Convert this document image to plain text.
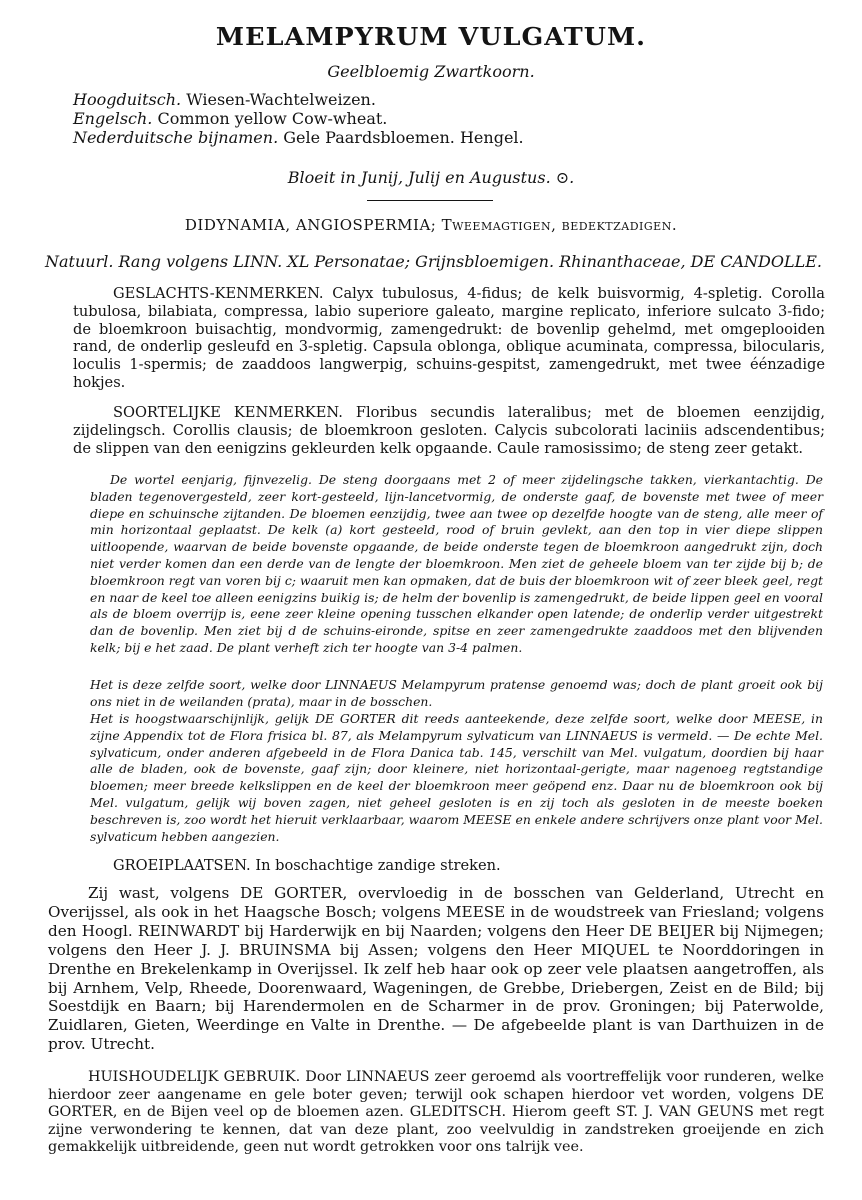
MELAMPYRUM VULGATUM.
Geelbloemig Zwartkoorn.
Hoogduitsch. Wiesen-Wachtelweizen.
Engelsch. Common yellow Cow-wheat.
Nederduitsche bijnamen. Gele Paardsbloemen. Hengel.
Bloeit in Junij, Julij en Augustus. ⊙.
DIDYNAMIA, ANGIOSPERMIA; Tweemagtigen, bedektzadigen.
Natuurl. Rang volgens LINN. XL Personatae; Grijnsbloemigen. Rhinanthaceae, DE CANDOLLE.

GESLACHTS-KENMERKEN. Calyx tubulosus, 4-fidus; de kelk buisvormig, 4-spletig. Corolla tubulosa, bilabiata, compressa, labio superiore galeato, margine replicato, inferiore sulcato 3-fido; de bloemkroon buisachtig, mondvormig, zamengedrukt: de bovenlip gehelmd, met omgeplooiden rand, de onderlip gesleufd en 3-spletig. Capsula oblonga, oblique acuminata, compressa, bilocularis, loculis 1-spermis; de zaaddoos langwerpig, schuins-gespitst, zamengedrukt, met twee éénzadige hokjes.

SOORTELIJKE KENMERKEN. Floribus secundis lateralibus; met de bloemen eenzijdig, zijdelingsch. Corollis clausis; de bloemkroon gesloten. Calycis subcolorati laciniis adscendentibus; de slippen van den eenigzins gekleurden kelk opgaande. Caule ramosissimo; de steng zeer getakt.

De wortel eenjarig, fijnvezelig. De steng doorgaans met 2 of meer zijdelingsche takken, vierkantachtig. De bladen tegenovergesteld, zeer kort-gesteeld, lijn-lancetvormig, de onderste gaaf, de bovenste met twee of meer diepe en schuinsche zijtanden. De bloemen eenzijdig, twee aan twee op dezelfde hoogte van de steng, alle meer of min horizontaal geplaatst. De kelk (a) kort gesteeld, rood of bruin gevlekt, aan den top in vier diepe slippen uitloopende, waarvan de beide bovenste opgaande, de beide onderste tegen de bloemkroon aangedrukt zijn, doch niet verder komen dan een derde van de lengte der bloemkroon. Men ziet de geheele bloem van ter zijde bij b; de bloemkroon regt van voren bij c; waaruit men kan opmaken, dat de buis der bloemkroon wit of zeer bleek geel, regt en naar de keel toe alleen eenigzins buikig is; de helm der bovenlip is zamengedrukt, de beide lippen geel en vooral als de bloem overrijp is, eene zeer kleine opening tusschen elkander open latende; de onderlip verder uitgestrekt dan de bovenlip. Men ziet bij d de schuins-eironde, spitse en zeer zamengedrukte zaaddoos met den blijvenden kelk; bij e het zaad. De plant verheft zich ter hoogte van 3-4 palmen.

Het is deze zelfde soort, welke door LINNAEUS Melampyrum pratense genoemd was; doch de plant groeit ook bij ons niet in de weilanden (prata), maar in de bosschen.

Het is hoogstwaarschijnlijk, gelijk DE GORTER dit reeds aanteekende, deze zelfde soort, welke door MEESE, in zijne Appendix tot de Flora frisica bl. 87, als Melampyrum sylvaticum van LINNAEUS is vermeld. — De echte Mel. sylvaticum, onder anderen afgebeeld in de Flora Danica tab. 145, verschilt van Mel. vulgatum, doordien bij haar alle de bladen, ook de bovenste, gaaf zijn; door kleinere, niet horizontaal-gerigte, maar nagenoeg regtstandige bloemen; meer breede kelkslippen en de keel der bloemkroon meer geöpend enz. Daar nu de bloemkroon ook bij Mel. vulgatum, gelijk wij boven zagen, niet geheel gesloten is en zij toch als gesloten in de meeste boeken beschreven is, zoo wordt het hieruit verklaarbaar, waarom MEESE en enkele andere schrijvers onze plant voor Mel. sylvaticum hebben aangezien.

GROEIPLAATSEN. In boschachtige zandige streken.

Zij wast, volgens DE GORTER, overvloedig in de bosschen van Gelderland, Utrecht en Overijssel, als ook in het Haagsche Bosch; volgens MEESE in de woudstreek van Friesland; volgens den Hoogl. REINWARDT bij Harderwijk en bij Naarden; volgens den Heer DE BEIJER bij Nijmegen; volgens den Heer J. J. BRUINSMA bij Assen; volgens den Heer MIQUEL te Noorddoringen in Drenthe en Brekelenkamp in Overijssel. Ik zelf heb haar ook op zeer vele plaatsen aangetroffen, als bij Arnhem, Velp, Rheede, Doorenwaard, Wageningen, de Grebbe, Driebergen, Zeist en de Bild; bij Soestdijk en Baarn; bij Harendermolen en de Scharmer in de prov. Groningen; bij Paterwolde, Zuidlaren, Gieten, Weerdinge en Valte in Drenthe. — De afgebeelde plant is van Darthuizen in de prov. Utrecht.

HUISHOUDELIJK GEBRUIK. Door LINNAEUS zeer geroemd als voortreffelijk voor runderen, welke hierdoor zeer aangename en gele boter geven; terwijl ook schapen hierdoor vet worden, volgens DE GORTER, en de Bijen veel op de bloemen azen. GLEDITSCH. Hierom geeft ST. J. VAN GEUNS met regt zijne verwondering te kennen, dat van deze plant, zoo veelvuldig in zandstreken groeijende en zich gemakkelijk uitbreidende, geen nut wordt getrokken voor ons talrijk vee.
